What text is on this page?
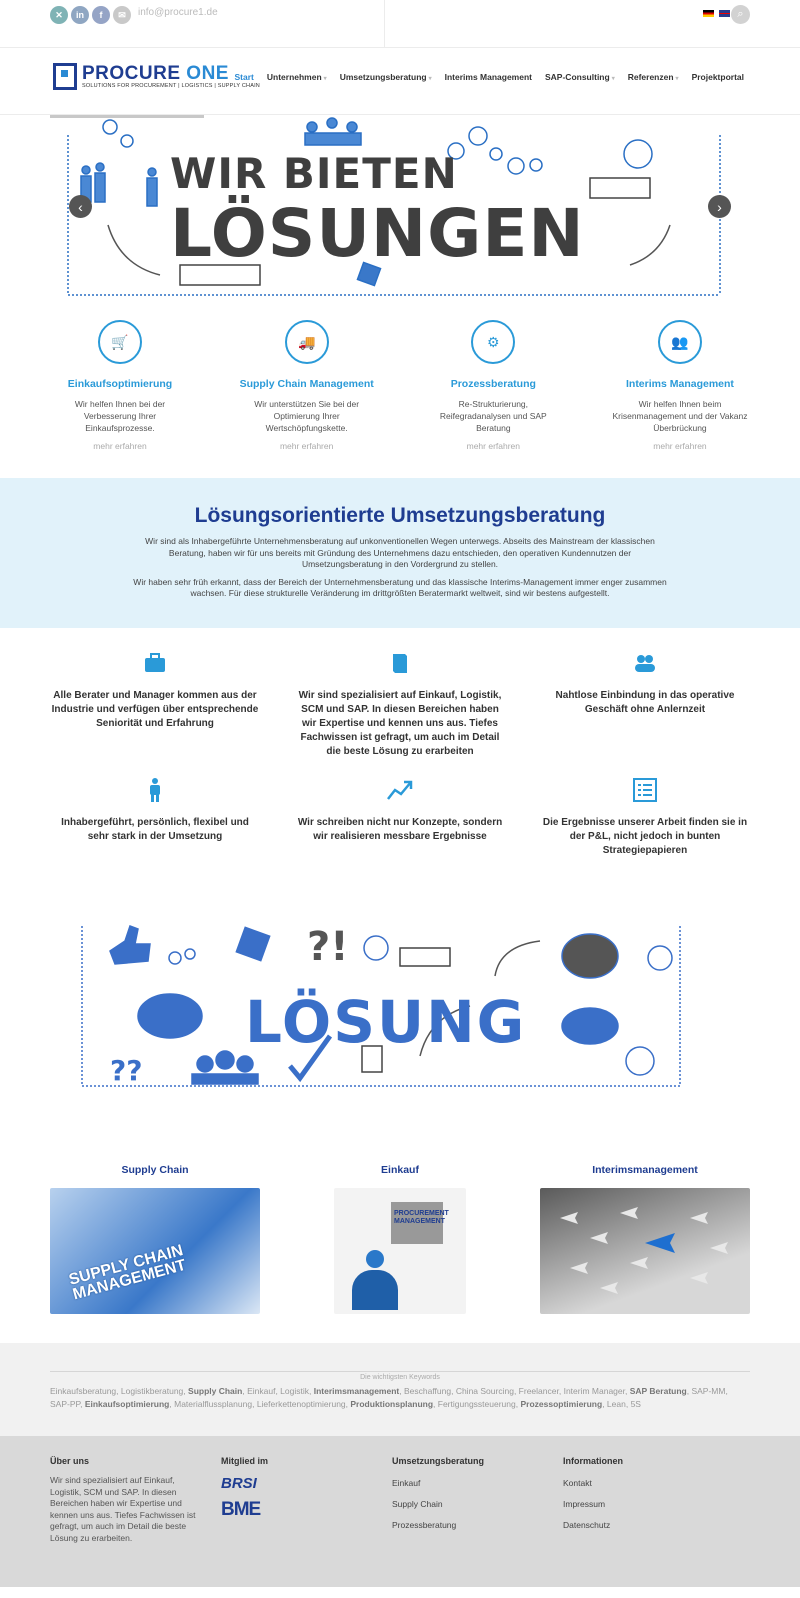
✕	in	f	✉	info@procure1.de	⌕
PROCURE ONE
SOLUTIONS FOR PROCUREMENT | LOGISTICS | SUPPLY CHAIN
Start Unternehmen ▾ Umsetzungsberatung ▾ Interims Management SAP-Consulting ▾ Referenzen ▾ Projektportal
WIR BIETEN
LÖSUNGEN
‹	›
🛒
Einkaufsoptimierung
Wir helfen Ihnen bei der Verbesserung Ihrer Einkaufsprozesse.
mehr erfahren
🚚
Supply Chain Management
Wir unterstützen Sie bei der Optimierung Ihrer Wertschöpfungskette.
mehr erfahren
⚙
Prozessberatung
Re-Strukturierung, Reifegradanalysen und SAP Beratung
mehr erfahren
👥
Interims Management
Wir helfen Ihnen beim Krisenmanagement und der Vakanz Überbrückung
mehr erfahren
Lösungsorientierte Umsetzungsberatung

Wir sind als Inhabergeführte Unternehmensberatung auf unkonventionellen Wegen unterwegs. Abseits des Mainstream der klassischen Beratung, haben wir für uns bereits mit Gründung des Unternehmens dazu entschieden, den operativen Kundennutzen der Umsetzungsberatung in den Vordergrund zu stellen.

Wir haben sehr früh erkannt, dass der Bereich der Unternehmensberatung und das klassische Interims-Management immer enger zusammen wachsen. Für diese strukturelle Veränderung im drittgrößten Beratermarkt weltweit, sind wir bestens aufgestellt.

Alle Berater und Manager kommen aus der Industrie und verfügen über entsprechende Seniorität und Erfahrung
Wir sind spezialisiert auf Einkauf, Logistik, SCM und SAP. In diesen Bereichen haben wir Expertise und kennen uns aus. Tiefes Fachwissen ist gefragt, um auch im Detail die beste Lösung zu erarbeiten
Nahtlose Einbindung in das operative Geschäft ohne Anlernzeit
Inhabergeführt, persönlich, flexibel und sehr stark in der Umsetzung
Wir schreiben nicht nur Konzepte, sondern wir realisieren messbare Ergebnisse
Die Ergebnisse unserer Arbeit finden sie in der P&L, nicht jedoch in bunten Strategiepapieren
?!
??
LÖSUNG
Supply Chain
SUPPLY CHAIN MANAGEMENT
Einkauf
PROCUREMENT MANAGEMENT
Interimsmanagement
Die wichtigsten Keywords
Einkaufsberatung, Logistikberatung, Supply Chain, Einkauf, Logistik, Interimsmanagement, Beschaffung, China Sourcing, Freelancer, Interim Manager, SAP Beratung, SAP-MM, SAP-PP, Einkaufsoptimierung, Materialflussplanung, Lieferkettenoptimierung, Produktionsplanung, Fertigungssteuerung, Prozessoptimierung, Lean, 5S
Über uns

Wir sind spezialisiert auf Einkauf, Logistik, SCM und SAP. In diesen Bereichen haben wir Expertise und kennen uns aus. Tiefes Fachwissen ist gefragt, um auch im Detail die beste Lösung zu erarbeiten.

Mitglied im
BRSI
BME
Umsetzungsberatung
Einkauf
Supply Chain
Prozessberatung
Informationen
Kontakt
Impressum
Datenschutz
